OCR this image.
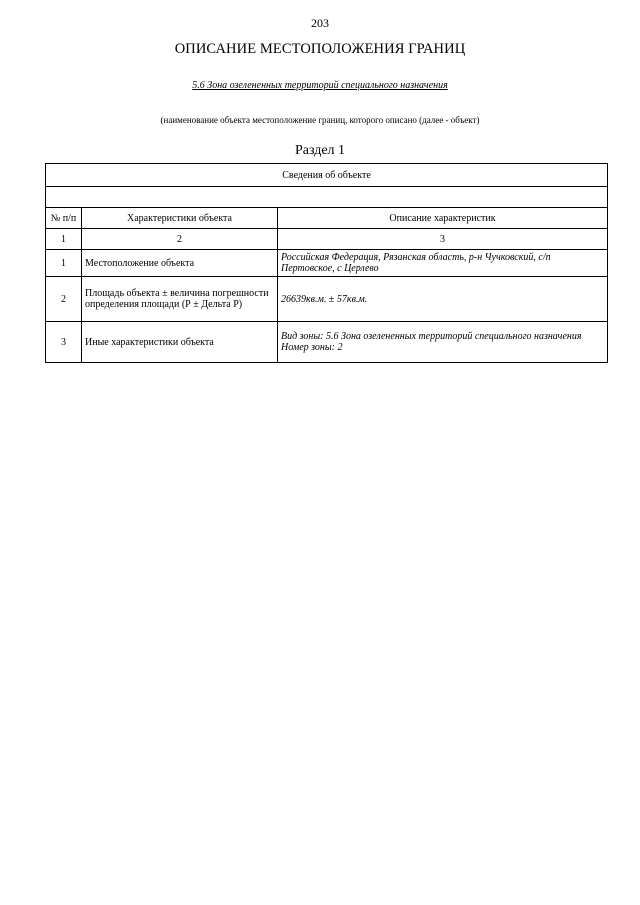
203
ОПИСАНИЕ МЕСТОПОЛОЖЕНИЯ ГРАНИЦ
5.6 Зона озелененных территорий специального назначения
(наименование объекта местоположение границ, которого описано (далее - объект)
Раздел 1
Сведения об объекте		

№ п/п	Характеристики объекта	Описание характеристик
1	2	3
1	Местоположение объекта	Российская Федерация, Рязанская область, р-н Чучковский, с/п Пертовское, с Церлево
2	Площадь объекта ± величина погрешности определения площади (Р ± Дельта Р)	26639кв.м. ± 57кв.м.
3	Иные характеристики объекта	Вид зоны: 5.6 Зона озелененных территорий специального назначения
Номер зоны: 2
